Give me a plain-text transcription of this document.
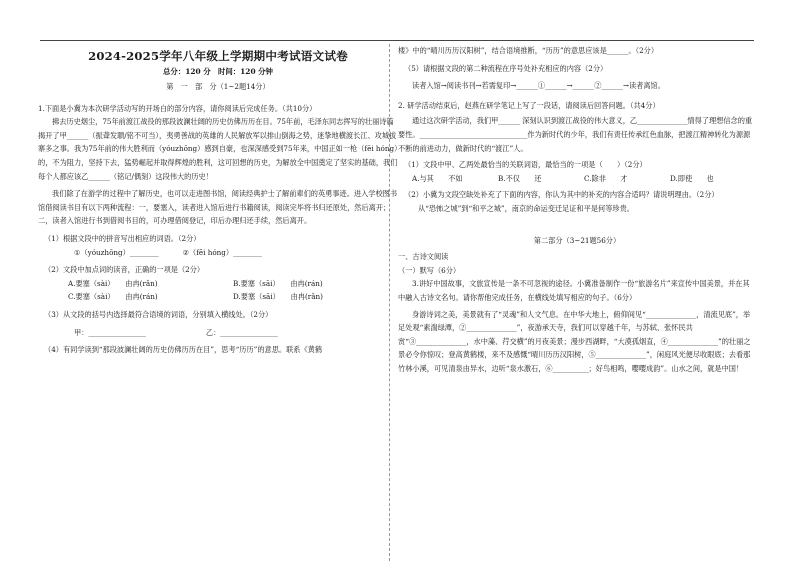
2024-2025学年八年级上学期期中考试语文试卷
总分：120 分　时间：120 分钟
第　一　部　分（1~2题14分）

1.下面是小冀为本次研学活动写的开场白的部分内容，请你阅读后完成任务。（共10分）

拂去历史烟尘，75年前渡江战役的那段波澜壮阔的历史仿佛历历在目。75年前，毛泽东同志挥写的壮丽诗篇揭开了甲______（振聋发聩/铭不可当），夷勇善战的英雄的人民解放军以排山倒海之势，迷挚地横渡长江、攻城拔寨多之事。我为75年前的伟大胜利而（yóuzhōng）感到自豪，也深深感受到75年来，中国正如一枪（fēi hóng）的，不为阻力，坚持下去，猛势崛起并取得辉煌的胜利，这可回想的历史，为解放全中国奠定了坚实的基础，我们每个人都应该乙______（铭记/偶刻）这段伟大的历史！

我们除了在游学的过程中了解历史，也可以走进图书馆，阅读经典护士了解前辈们的英勇事迹。进入学校图书馆借阅读书目有以下两种流程：一，要塞入，读者进入馆后进行书籍阅读，阅读完毕将书归还原处，然后离开；二，读者入馆进行书到借阅书目的，可办理借阅登记，印后办理归还手续，然后离开。

（1）根据文段中的拼音写出相应的词语。（2分）

①（yóuzhōng）________	②（fēi hóng）________

（2）文段中加点词的读音，正确的一项是（2分）

A.要塞（sài）　　由冉(rǎn)	B.要塞（sāi）　　由冉(rán)
C.要塞（sài）　　由冉(rán)	D.要塞（sāi）　　由冉(rǎn)

（3）从文段的括号内选择最符合语境的词语，分别填入横线处。（2分）

甲：________________	乙：________________

（4）有同学读到“那段波澜壮阔的历史仿佛历历在目”，思考“历历”的意思。联系《黄鹤

楼》中的“晴川历历汉阳树”，结合语境推断，“历历”的意思应该是______。（2分）

（5）请根据文段的第二种流程在序号处补充相应的内容（2分）

读者入馆→阅读书刊→若需复印→______①______→______②______→读者离馆。

2. 研学活动结束后，赵燕在研学笔记上写了一段话，请阅读后回答问题。（共4分）

通过这次研学活动，我们甲______ 深刻认识到渡江战役的伟大意义，乙______________情得了理想信念的重要性。______________________________作为新时代的少年，我们有责任传承红色血脉，把渡江精神转化为源源不断的前进动力，做新时代的“渡江”人。

（1）文段中甲、乙两处最恰当的关联词语，最恰当的一项是（　　）（2分）

A.与其　　不如	B.不仅　　还	C.除非　　才	D.即使　　也

（2）小冀为文段空缺处补充了下面的内容，你认为其中的补充的内容合适吗？请说明理由。（2分）

从“恐怖之城”到“和平之城”，南京的命运变迁足证和平是何等珍贵。

第二部分（3~21题56分）

一、古诗文阅读

（一）默写（6分）

3.讲好中国故事，文旅宣传是一条不可忽视的途径。小冀准备制作一份“旅游名片”来宣传中国美景，并在其中融入古诗文名句。请你帮他完成任务，在横线处填写相应的句子。（6分）

身游诗词之美，美景就有了“灵魂”和人文气息。在中华大地上，俯仰间见“______________，清流见底”，举足处观“素湍绿潭，②______________”，夜游承天寺，我们可以穿越千年，与苏轼、张怀民共赏“③______________，水中藻、荇交横”的月夜美景；漫步西湖畔，“大漠孤烟直，④______________”的壮丽之景必令你惊叹；登高黄鹤楼，来不及感慨“晴川历历汉阳树，⑤______________”，闲庭风光便尽收眼底；去看那竹林小溪，可见清泉由异水，边听“泉水激石，⑥__________；好鸟相鸣，嘤嘤成韵”。山水之间，就是中国！
